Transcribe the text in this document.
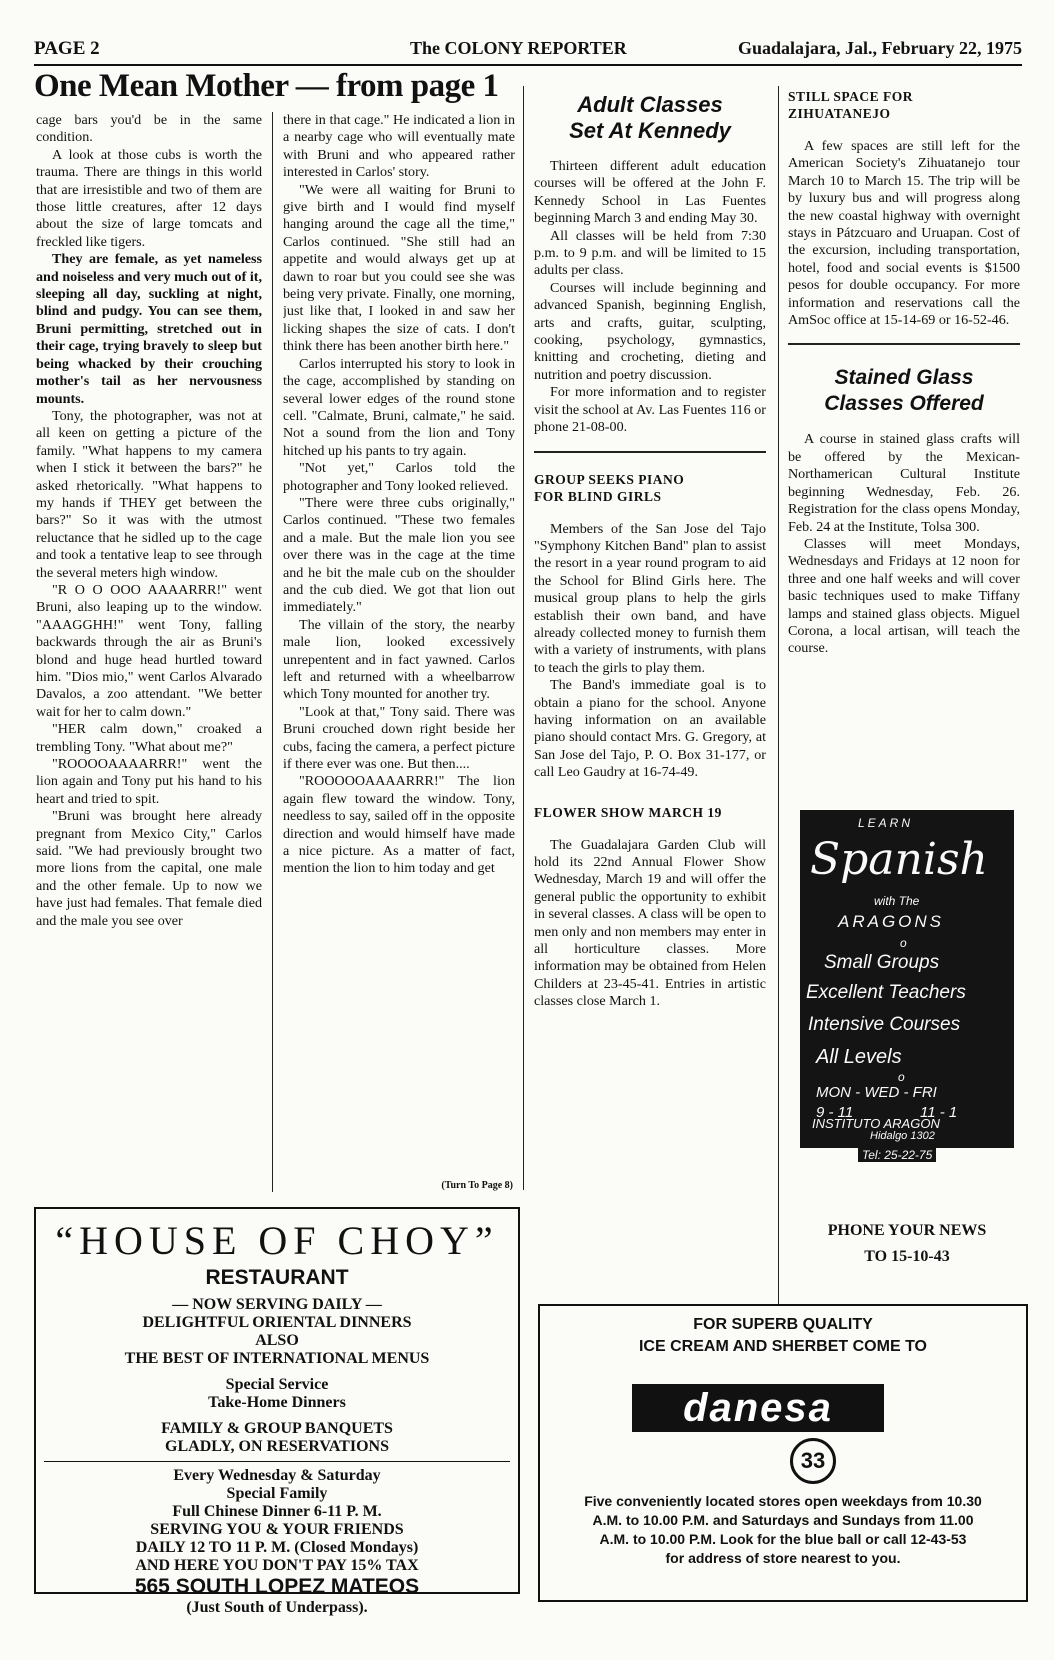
PAGE 2	The COLONY REPORTER	Guadalajara, Jal., February 22, 1975
One Mean Mother — from page 1

cage bars you'd be in the same condition.

A look at those cubs is worth the trauma. There are things in this world that are irresistible and two of them are those little creatures, after 12 days about the size of large tomcats and freckled like tigers.

They are female, as yet nameless and noiseless and very much out of it, sleeping all day, suckling at night, blind and pudgy. You can see them, Bruni permitting, stretched out in their cage, trying bravely to sleep but being whacked by their crouching mother's tail as her nervousness mounts.

Tony, the photographer, was not at all keen on getting a picture of the family. "What happens to my camera when I stick it between the bars?" he asked rhetorically. "What happens to my hands if THEY get between the bars?" So it was with the utmost reluctance that he sidled up to the cage and took a tentative leap to see through the several meters high window.

"R O O OOO AAAARRR!" went Bruni, also leaping up to the window. "AAAGGHH!" went Tony, falling backwards through the air as Bruni's blond and huge head hurtled toward him. "Dios mio," went Carlos Alvarado Davalos, a zoo attendant. "We better wait for her to calm down."

"HER calm down," croaked a trembling Tony. "What about me?"

"ROOOOAAAARRR!" went the lion again and Tony put his hand to his heart and tried to spit.

"Bruni was brought here already pregnant from Mexico City," Carlos said. "We had previously brought two more lions from the capital, one male and the other female. Up to now we have just had females. That female died and the male you see over

there in that cage." He indicated a lion in a nearby cage who will eventually mate with Bruni and who appeared rather interested in Carlos' story.

"We were all waiting for Bruni to give birth and I would find myself hanging around the cage all the time," Carlos continued. "She still had an appetite and would always get up at dawn to roar but you could see she was being very private. Finally, one morning, just like that, I looked in and saw her licking shapes the size of cats. I don't think there has been another birth here."

Carlos interrupted his story to look in the cage, accomplished by standing on several lower edges of the round stone cell. "Calmate, Bruni, calmate," he said. Not a sound from the lion and Tony hitched up his pants to try again.

"Not yet," Carlos told the photographer and Tony looked relieved.

"There were three cubs originally," Carlos continued. "These two females and a male. But the male lion you see over there was in the cage at the time and he bit the male cub on the shoulder and the cub died. We got that lion out immediately."

The villain of the story, the nearby male lion, looked excessively unrepentent and in fact yawned. Carlos left and returned with a wheelbarrow which Tony mounted for another try.

"Look at that," Tony said. There was Bruni crouched down right beside her cubs, facing the camera, a perfect picture if there ever was one. But then....

"ROOOOOAAAARRR!" The lion again flew toward the window. Tony, needless to say, sailed off in the opposite direction and would himself have made a nice picture. As a matter of fact, mention the lion to him today and get

(Turn To Page 8)
Adult Classes
Set At Kennedy

Thirteen different adult education courses will be offered at the John F. Kennedy School in Las Fuentes beginning March 3 and ending May 30.

All classes will be held from 7:30 p.m. to 9 p.m. and will be limited to 15 adults per class.

Courses will include beginning and advanced Spanish, beginning English, arts and crafts, guitar, sculpting, cooking, psychology, gymnastics, knitting and crocheting, dieting and nutrition and poetry discussion.

For more information and to register visit the school at Av. Las Fuentes 116 or phone 21-08-00.

GROUP SEEKS PIANO
FOR BLIND GIRLS

Members of the San Jose del Tajo "Symphony Kitchen Band" plan to assist the resort in a year round program to aid the School for Blind Girls here. The musical group plans to help the girls establish their own band, and have already collected money to furnish them with a variety of instruments, with plans to teach the girls to play them.

The Band's immediate goal is to obtain a piano for the school. Anyone having information on an available piano should contact Mrs. G. Gregory, at San Jose del Tajo, P. O. Box 31-177, or call Leo Gaudry at 16-74-49.

FLOWER SHOW MARCH 19

The Guadalajara Garden Club will hold its 22nd Annual Flower Show Wednesday, March 19 and will offer the general public the opportunity to exhibit in several classes. A class will be open to men only and non members may enter in all horticulture classes. More information may be obtained from Helen Childers at 23-45-41. Entries in artistic classes close March 1.

STILL SPACE FOR
ZIHUATANEJO

A few spaces are still left for the American Society's Zihuatanejo tour March 10 to March 15. The trip will be by luxury bus and will progress along the new coastal highway with overnight stays in Pátzcuaro and Uruapan. Cost of the excursion, including transportation, hotel, food and social events is $1500 pesos for double occupancy. For more information and reservations call the AmSoc office at 15-14-69 or 16-52-46.

Stained Glass
Classes Offered

A course in stained glass crafts will be offered by the Mexican-Northamerican Cultural Institute beginning Wednesday, Feb. 26. Registration for the class opens Monday, Feb. 24 at the Institute, Tolsa 300.

Classes will meet Mondays, Wednesdays and Fridays at 12 noon for three and one half weeks and will cover basic techniques used to make Tiffany lamps and stained glass objects. Miguel Corona, a local artisan, will teach the course.

LEARN
Spanish
with The
ARAGONS
o
Small Groups
Excellent Teachers
Intensive Courses
All Levels
o
MON - WED - FRI
9 - 11	11 - 1
INSTITUTO ARAGON
Hidalgo 1302
Tel: 25-22-75
PHONE YOUR NEWS
TO 15-10-43
“HOUSE OF CHOY”
RESTAURANT
— NOW SERVING DAILY —
DELIGHTFUL ORIENTAL DINNERS
ALSO
THE BEST OF INTERNATIONAL MENUS
Special Service
Take-Home Dinners
FAMILY & GROUP BANQUETS
GLADLY, ON RESERVATIONS
Every Wednesday & Saturday
Special Family
Full Chinese Dinner 6-11 P. M.
SERVING YOU & YOUR FRIENDS
DAILY 12 TO 11 P. M. (Closed Mondays)
AND HERE YOU DON'T PAY 15% TAX
565 SOUTH LOPEZ MATEOS
(Just South of Underpass).
FOR SUPERB QUALITY
ICE CREAM AND SHERBET COME TO
danesa
33
Five conveniently located stores open weekdays from 10.30
A.M. to 10.00 P.M. and Saturdays and Sundays from 11.00
A.M. to 10.00 P.M. Look for the blue ball or call 12-43-53
for address of store nearest to you.
